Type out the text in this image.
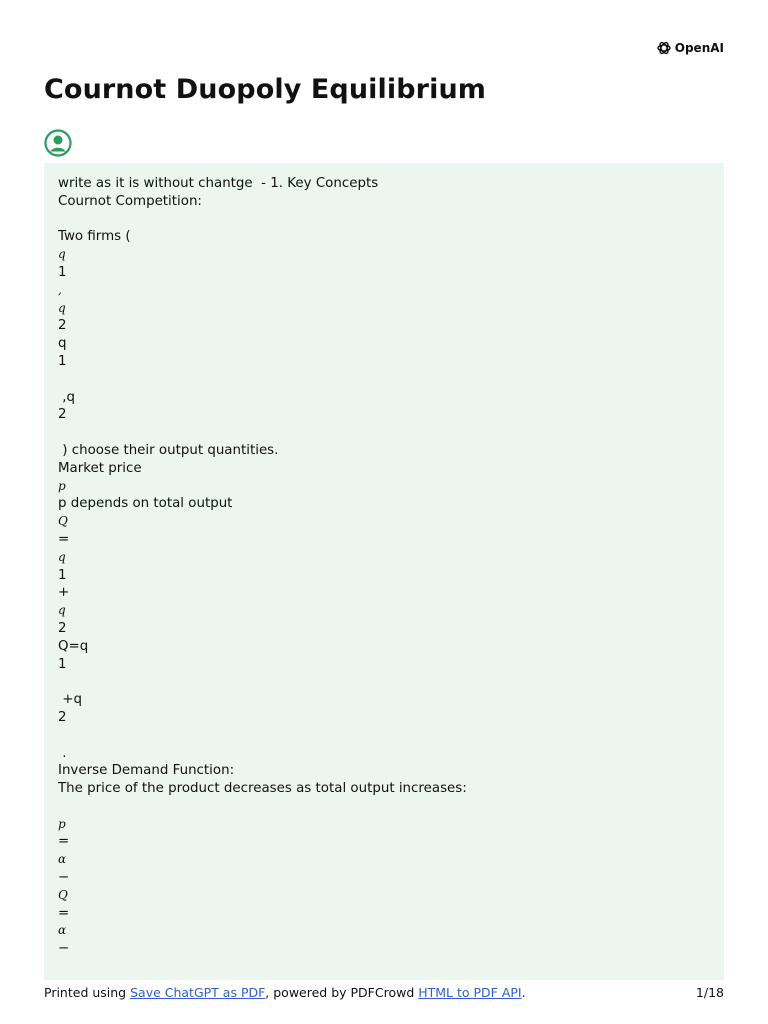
OpenAI
Cournot Duopoly Equilibrium
write as it is without chantge  - 1. Key Concepts
Cournot Competition:
Two firms (
q
1
,
q
2
q
1
,q
2
) choose their output quantities.
Market price
p
p depends on total output
Q
=
q
1
+
q
2
Q=q
1
+q
2
.
Inverse Demand Function:
The price of the product decreases as total output increases:
p
=
α
−
Q
=
α
−
Printed using Save ChatGPT as PDF, powered by PDFCrowd HTML to PDF API.	1/18
